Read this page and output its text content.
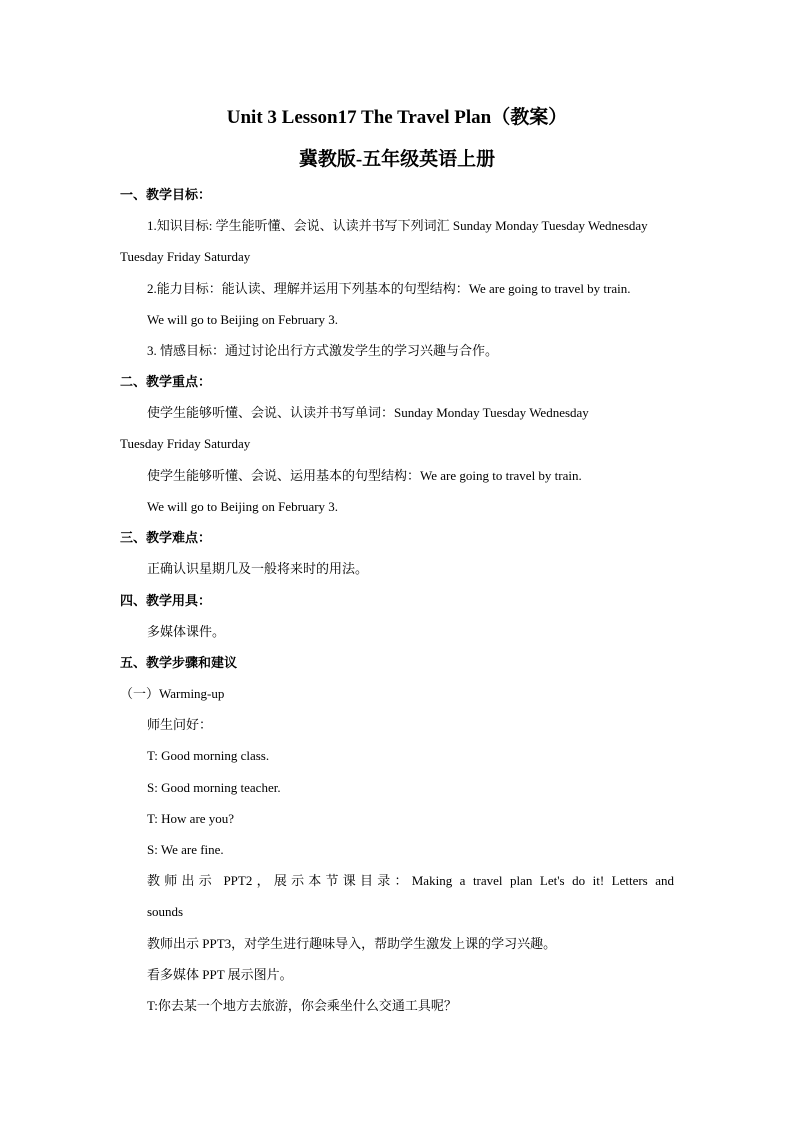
Unit 3 Lesson17 The Travel Plan（教案）
冀教版-五年级英语上册
一、教学目标：
1.知识目标: 学生能听懂、会说、认读并书写下列词汇 Sunday Monday Tuesday Wednesday
Tuesday Friday Saturday
2.能力目标：能认读、理解并运用下列基本的句型结构：We are going to travel by train.
We will go to Beijing on February 3.
3. 情感目标：通过讨论出行方式激发学生的学习兴趣与合作。
二、教学重点：
使学生能够听懂、会说、认读并书写单词：Sunday Monday Tuesday Wednesday
Tuesday Friday Saturday
使学生能够听懂、会说、运用基本的句型结构：We are going to travel by train.
We will go to Beijing on February 3.
三、教学难点：
正确认识星期几及一般将来时的用法。
四、教学用具：
多媒体课件。
五、教学步骤和建议
（一）Warming-up
师生问好：
T: Good morning class.
S: Good morning teacher.
T: How are you?
S: We are fine.
教师出示 PPT2，展示本节课目录：Making a travel plan Let's do it! Letters and
sounds
教师出示 PPT3，对学生进行趣味导入，帮助学生激发上课的学习兴趣。
看多媒体 PPT 展示图片。
T:你去某一个地方去旅游，你会乘坐什么交通工具呢？
